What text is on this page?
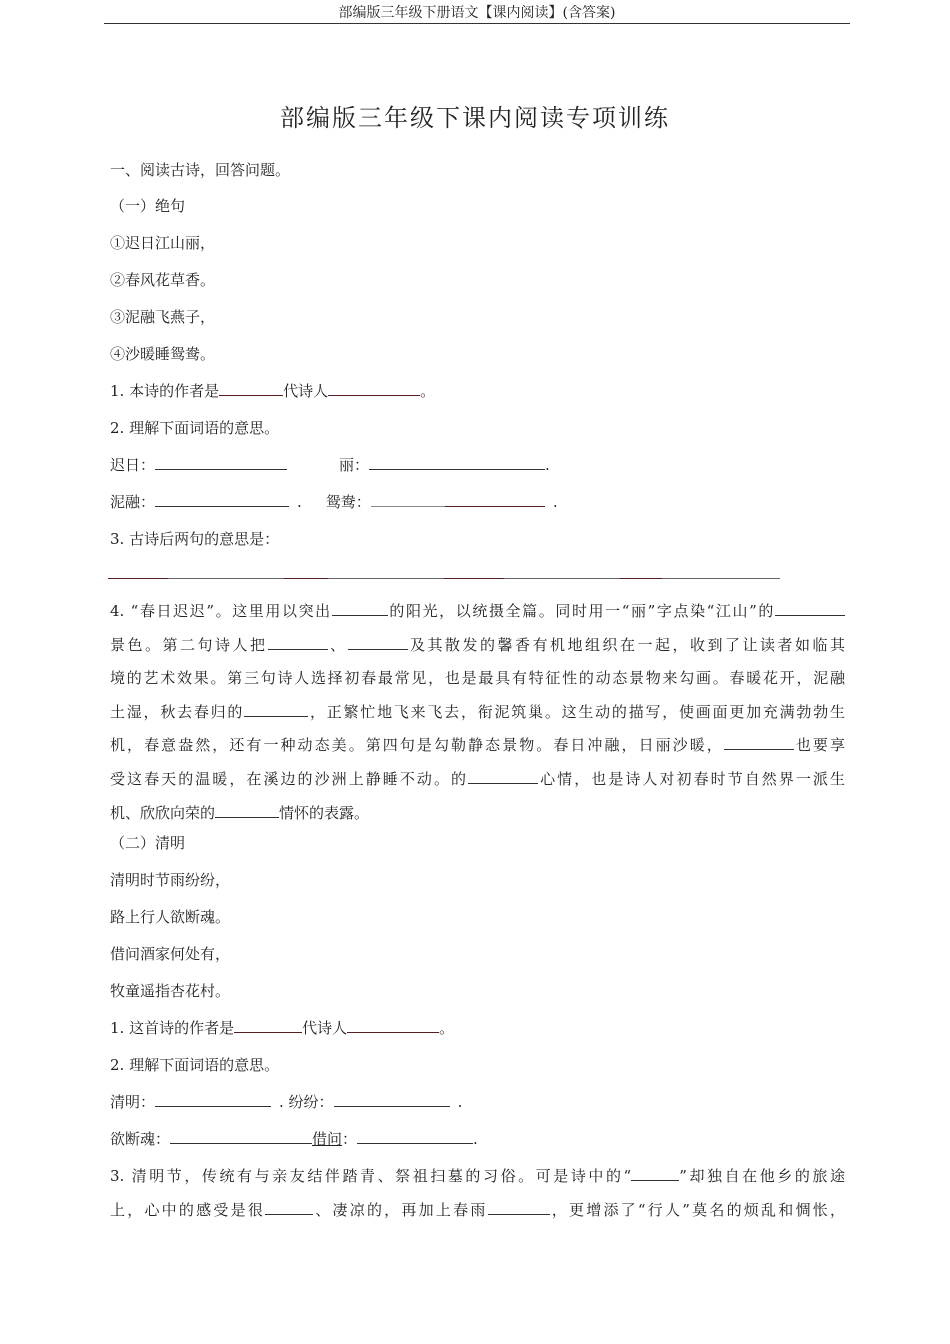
部编版三年级下册语文【课内阅读】(含答案)
部编版三年级下课内阅读专项训练
一、阅读古诗，回答问题。
（一）绝句
①迟日江山丽，
②春风花草香。
③泥融飞燕子，
④沙暖睡鸳鸯。
1. 本诗的作者是	代诗人	。
2. 理解下面词语的意思。
迟日：	丽：	.
泥融：	. 鸳鸯：	.
3. 古诗后两句的意思是：
4. “春日迟迟”。这里用以突出	的阳光，以统摄全篇。同时用一“丽”字点染“江山”的
景色。第二句诗人把	、	及其散发的馨香有机地组织在一起，收到了让读者如临其
境的艺术效果。第三句诗人选择初春最常见，也是最具有特征性的动态景物来勾画。春暖花开，泥融
土湿，秋去春归的	，正繁忙地飞来飞去，衔泥筑巢。这生动的描写，使画面更加充满勃勃生
机，春意盎然，还有一种动态美。第四句是勾勒静态景物。春日冲融，日丽沙暖，	也要享
受这春天的温暖，在溪边的沙洲上静睡不动。的	心情，也是诗人对初春时节自然界一派生
机、欣欣向荣的	情怀的表露。
（二）清明
清明时节雨纷纷，
路上行人欲断魂。
借问酒家何处有，
牧童遥指杏花村。
1. 这首诗的作者是	代诗人	。
2. 理解下面词语的意思。
清明：	. 纷纷：	.
欲断魂：	借问：	.
3. 清明节，传统有与亲友结伴踏青、祭祖扫墓的习俗。可是诗中的“	”却独自在他乡的旅途
上，心中的感受是很	、凄凉的，再加上春雨	，更增添了“行人”莫名的烦乱和惆怅，
